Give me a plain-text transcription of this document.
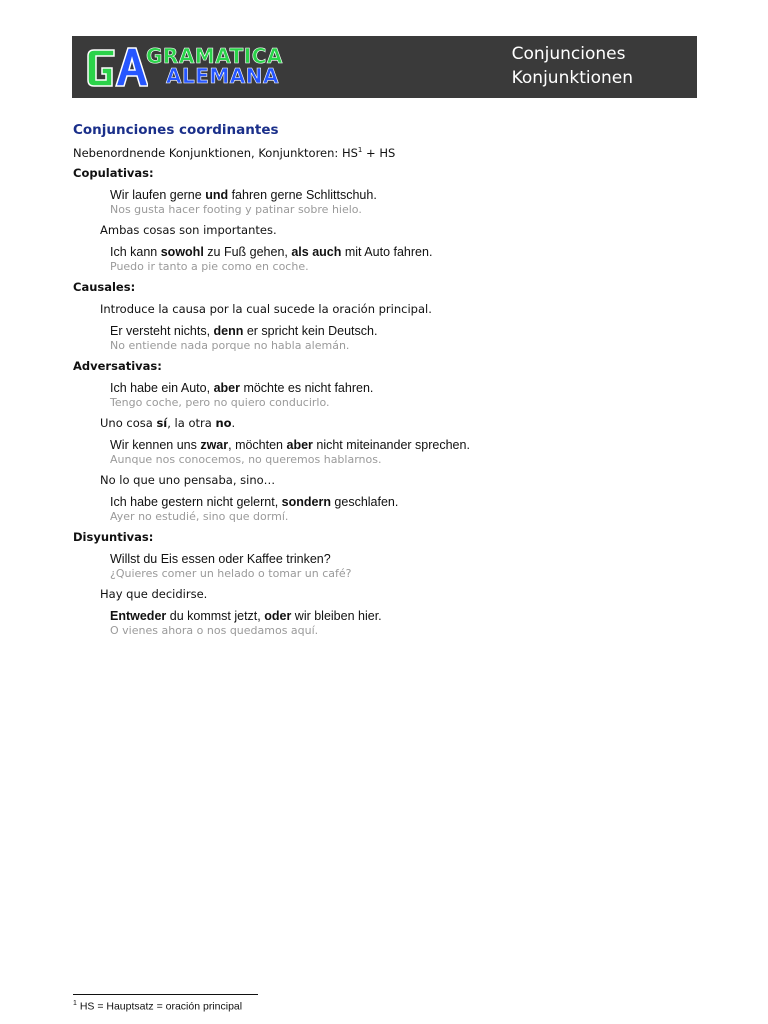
GRAMATICA
ALEMANA
Conjunciones
Konjunktionen
Conjunciones coordinantes
Nebenordnende Konjunktionen, Konjunktoren: $HS^1$ + HS
Copulativas:
Wir laufen gerne und fahren gerne Schlittschuh.
Nos gusta hacer footing y patinar sobre hielo.
Ambas cosas son importantes.
Ich kann sowohl zu Fuß gehen, als auch mit Auto fahren.
Puedo ir tanto a pie como en coche.
Causales:
Introduce la causa por la cual sucede la oración principal.
Er versteht nichts, denn er spricht kein Deutsch.
No entiende nada porque no habla alemán.
Adversativas:
Ich habe ein Auto, aber möchte es nicht fahren.
Tengo coche, pero no quiero conducirlo.
Uno cosa sí, la otra no.
Wir kennen uns zwar, möchten aber nicht miteinander sprechen.
Aunque nos conocemos, no queremos hablarnos.
No lo que uno pensaba, sino…
Ich habe gestern nicht gelernt, sondern geschlafen.
Ayer no estudié, sino que dormí.
Disyuntivas:
Willst du Eis essen oder Kaffee trinken?
¿Quieres comer un helado o tomar un café?
Hay que decidirse.
Entweder du kommst jetzt, oder wir bleiben hier.
O vienes ahora o nos quedamos aquí.
$^1$ HS = Hauptsatz = oración principal
